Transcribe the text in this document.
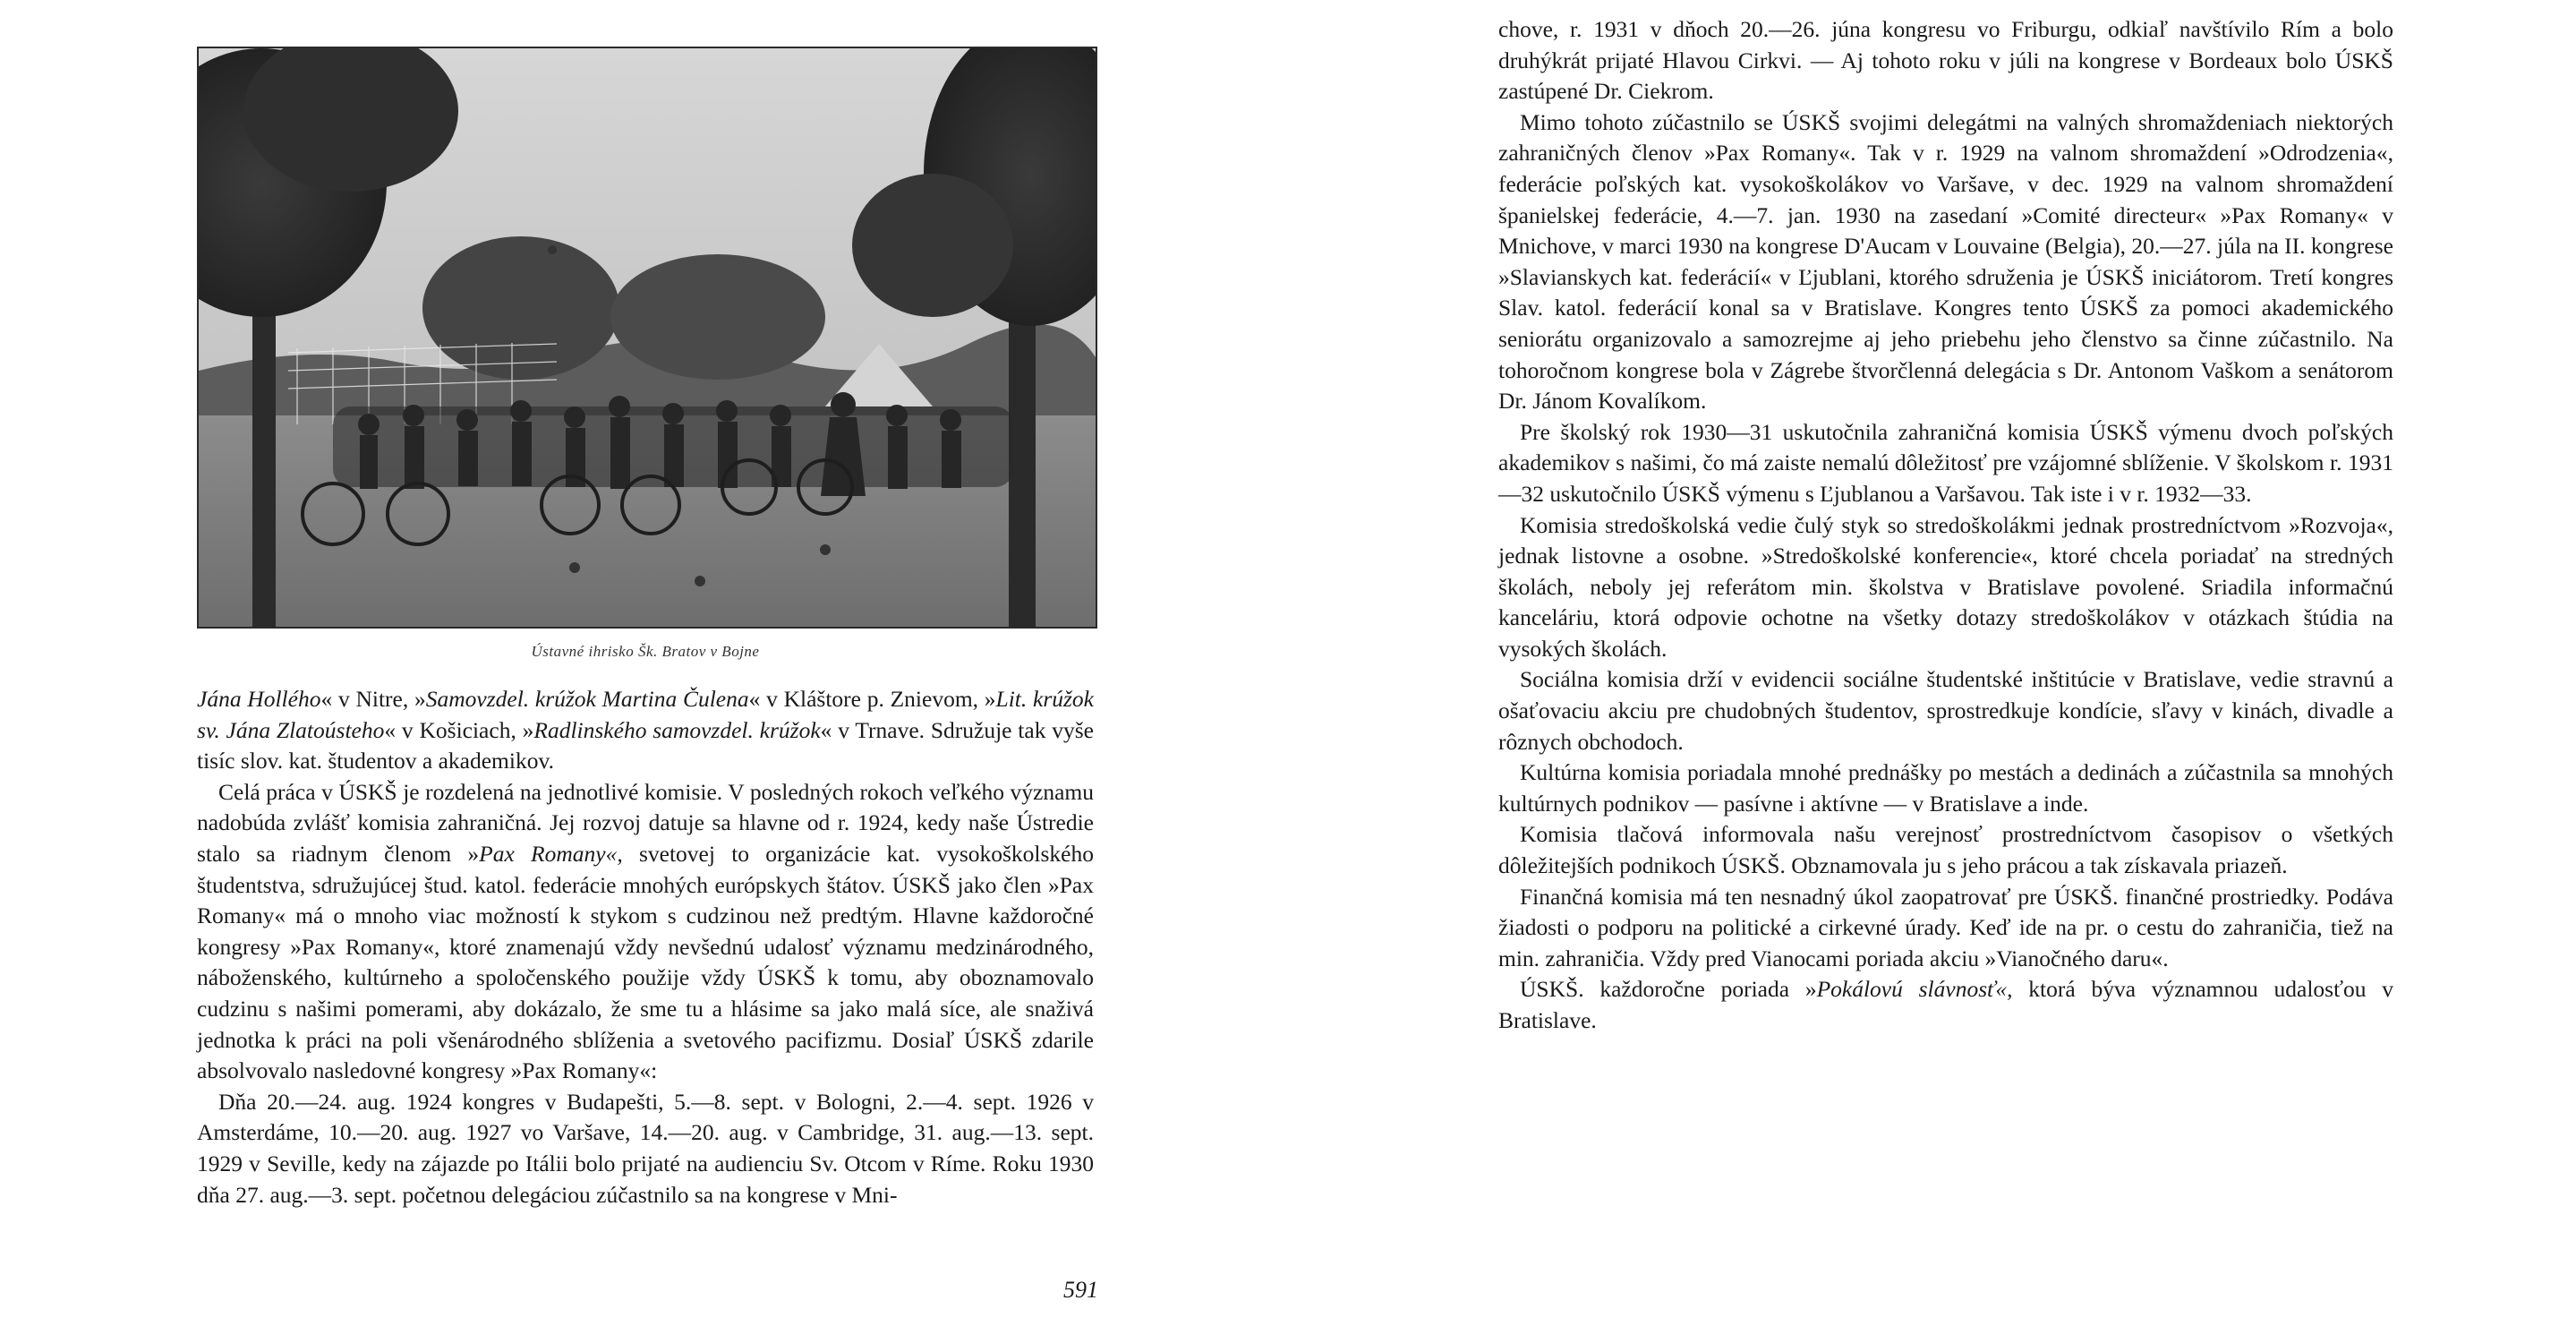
Ústavné ihrisko Šk. Bratov v Bojne

Jána Hollého« v Nitre, »Samovzdel. krúžok Martina Čulena« v Kláštore p. Znievom, »Lit. krúžok sv. Jána Zlatoústeho« v Košiciach, »Radlinského samovzdel. krúžok« v Trnave. Sdružuje tak vyše tisíc slov. kat. študentov a akademikov.

Celá práca v ÚSKŠ je rozdelená na jednotlivé komisie. V posledných rokoch veľkého významu nadobúda zvlášť komisia zahraničná. Jej rozvoj datuje sa hlavne od r. 1924, kedy naše Ústredie stalo sa riadnym členom »Pax Romany«, svetovej to organizácie kat. vysokoškolského študentstva, sdružujúcej štud. katol. federácie mnohých európskych štátov. ÚSKŠ jako člen »Pax Romany« má o mnoho viac možností k stykom s cudzinou než predtým. Hlavne každoročné kongresy »Pax Romany«, ktoré znamenajú vždy nevšednú udalosť významu medzinárodného, náboženského, kultúrneho a spoločenského použije vždy ÚSKŠ k tomu, aby oboznamovalo cudzinu s našimi pomerami, aby dokázalo, že sme tu a hlásime sa jako malá síce, ale snaživá jednotka k práci na poli všenárodného sblíženia a svetového pacifizmu. Dosiaľ ÚSKŠ zdarile absolvovalo nasledovné kongresy »Pax Romany«:

Dňa 20.—24. aug. 1924 kongres v Budapešti, 5.—8. sept. v Bologni, 2.—4. sept. 1926 v Amsterdáme, 10.—20. aug. 1927 vo Varšave, 14.—20. aug. v Cambridge, 31. aug.—13. sept. 1929 v Seville, kedy na zájazde po Itálii bolo prijaté na audienciu Sv. Otcom v Ríme. Roku 1930 dňa 27. aug.—3. sept. početnou delegáciou zúčastnilo sa na kongrese v Mni-

591

chove, r. 1931 v dňoch 20.—26. júna kongresu vo Friburgu, odkiaľ navštívilo Rím a bolo druhýkrát prijaté Hlavou Cirkvi. — Aj tohoto roku v júli na kongrese v Bordeaux bolo ÚSKŠ zastúpené Dr. Ciekrom.

Mimo tohoto zúčastnilo se ÚSKŠ svojimi delegátmi na valných shromaždeniach niektorých zahraničných členov »Pax Romany«. Tak v r. 1929 na valnom shromaždení »Odrodzenia«, federácie poľských kat. vysokoškolákov vo Varšave, v dec. 1929 na valnom shromaždení španielskej federácie, 4.—7. jan. 1930 na zasedaní »Comité directeur« »Pax Romany« v Mnichove, v marci 1930 na kongrese D'Aucam v Louvaine (Belgia), 20.—27. júla na II. kongrese »Slavianskych kat. federácií« v Ľjublani, ktorého sdruženia je ÚSKŠ iniciátorom. Tretí kongres Slav. katol. federácií konal sa v Bratislave. Kongres tento ÚSKŠ za pomoci akademického seniorátu organizovalo a samozrejme aj jeho priebehu jeho členstvo sa činne zúčastnilo. Na tohoročnom kongrese bola v Zágrebe štvorčlenná delegácia s Dr. Antonom Vaškom a senátorom Dr. Jánom Kovalíkom.

Pre školský rok 1930—31 uskutočnila zahraničná komisia ÚSKŠ výmenu dvoch poľských akademikov s našimi, čo má zaiste nemalú dôležitosť pre vzájomné sblíženie. V školskom r. 1931—32 uskutočnilo ÚSKŠ výmenu s Ľjublanou a Varšavou. Tak iste i v r. 1932—33.

Komisia stredoškolská vedie čulý styk so stredoškolákmi jednak prostredníctvom »Rozvoja«, jednak listovne a osobne. »Stredoškolské konferencie«, ktoré chcela poriadať na stredných školách, neboly jej referátom min. školstva v Bratislave povolené. Sriadila informačnú kanceláriu, ktorá odpovie ochotne na všetky dotazy stredoškolákov v otázkach štúdia na vysokých školách.

Sociálna komisia drží v evidencii sociálne študentské inštitúcie v Bratislave, vedie stravnú a ošaťovaciu akciu pre chudobných študentov, sprostredkuje kondície, sľavy v kinách, divadle a rôznych obchodoch.

Kultúrna komisia poriadala mnohé prednášky po mestách a dedinách a zúčastnila sa mnohých kultúrnych podnikov — pasívne i aktívne — v Bratislave a inde.

Komisia tlačová informovala našu verejnosť prostredníctvom časopisov o všetkých dôležitejších podnikoch ÚSKŠ. Obznamovala ju s jeho prácou a tak získavala priazeň.

Finančná komisia má ten nesnadný úkol zaopatrovať pre ÚSKŠ. finančné prostriedky. Podáva žiadosti o podporu na politické a cirkevné úrady. Keď ide na pr. o cestu do zahraničia, tiež na min. zahraničia. Vždy pred Vianocami poriada akciu »Vianočného daru«.

ÚSKŠ. každoročne poriada »Pokálovú slávnosť«, ktorá býva významnou udalosťou v Bratislave.
